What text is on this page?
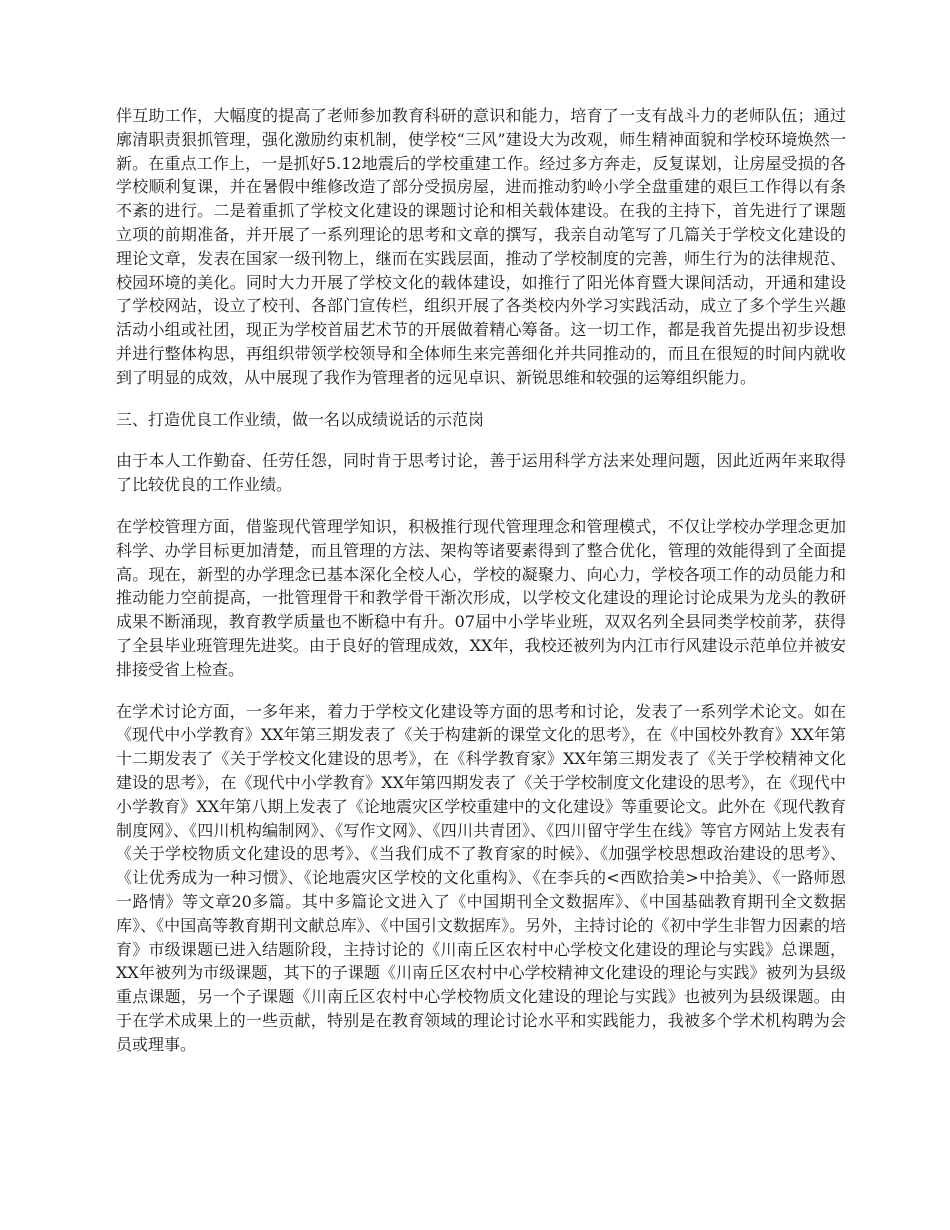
伴互助工作，大幅度的提高了老师参加教育科研的意识和能力，培育了一支有战斗力的老师队伍；通过廓清职责狠抓管理，强化激励约束机制，使学校“三风”建设大为改观，师生精神面貌和学校环境焕然一新。在重点工作上，一是抓好5.12地震后的学校重建工作。经过多方奔走，反复谋划，让房屋受损的各学校顺利复课，并在暑假中维修改造了部分受损房屋，进而推动豹岭小学全盘重建的艰巨工作得以有条不紊的进行。二是着重抓了学校文化建设的课题讨论和相关载体建设。在我的主持下，首先进行了课题立项的前期准备，并开展了一系列理论的思考和文章的撰写，我亲自动笔写了几篇关于学校文化建设的理论文章，发表在国家一级刊物上，继而在实践层面，推动了学校制度的完善，师生行为的法律规范、校园环境的美化。同时大力开展了学校文化的载体建设，如推行了阳光体育暨大课间活动，开通和建设了学校网站，设立了校刊、各部门宣传栏，组织开展了各类校内外学习实践活动，成立了多个学生兴趣活动小组或社团，现正为学校首届艺术节的开展做着精心筹备。这一切工作，都是我首先提出初步设想并进行整体构思，再组织带领学校领导和全体师生来完善细化并共同推动的，而且在很短的时间内就收到了明显的成效，从中展现了我作为管理者的远见卓识、新锐思维和较强的运筹组织能力。

三、打造优良工作业绩，做一名以成绩说话的示范岗

由于本人工作勤奋、任劳任怨，同时肯于思考讨论，善于运用科学方法来处理问题，因此近两年来取得了比较优良的工作业绩。

在学校管理方面，借鉴现代管理学知识，积极推行现代管理理念和管理模式，不仅让学校办学理念更加科学、办学目标更加清楚，而且管理的方法、架构等诸要素得到了整合优化，管理的效能得到了全面提高。现在，新型的办学理念已基本深化全校人心，学校的凝聚力、向心力，学校各项工作的动员能力和推动能力空前提高，一批管理骨干和教学骨干渐次形成，以学校文化建设的理论讨论成果为龙头的教研成果不断涌现，教育教学质量也不断稳中有升。07届中小学毕业班，双双名列全县同类学校前茅，获得了全县毕业班管理先进奖。由于良好的管理成效，XX年，我校还被列为内江市行风建设示范单位并被安排接受省上检查。

在学术讨论方面，一多年来，着力于学校文化建设等方面的思考和讨论，发表了一系列学术论文。如在《现代中小学教育》XX年第三期发表了《关于构建新的课堂文化的思考》，在《中国校外教育》XX年第十二期发表了《关于学校文化建设的思考》，在《科学教育家》XX年第三期发表了《关于学校精神文化建设的思考》，在《现代中小学教育》XX年第四期发表了《关于学校制度文化建设的思考》，在《现代中小学教育》XX年第八期上发表了《论地震灾区学校重建中的文化建设》等重要论文。此外在《现代教育制度网》、《四川机构编制网》、《写作文网》、《四川共青团》、《四川留守学生在线》等官方网站上发表有《关于学校物质文化建设的思考》、《当我们成不了教育家的时候》、《加强学校思想政治建设的思考》、《让优秀成为一种习惯》、《论地震灾区学校的文化重构》、《在李兵的<西欧拾美>中拾美》、《一路师恩一路情》等文章20多篇。其中多篇论文进入了《中国期刊全文数据库》、《中国基础教育期刊全文数据库》、《中国高等教育期刊文献总库》、《中国引文数据库》。另外，主持讨论的《初中学生非智力因素的培育》市级课题已进入结题阶段，主持讨论的《川南丘区农村中心学校文化建设的理论与实践》总课题，XX年被列为市级课题，其下的子课题《川南丘区农村中心学校精神文化建设的理论与实践》被列为县级重点课题，另一个子课题《川南丘区农村中心学校物质文化建设的理论与实践》也被列为县级课题。由于在学术成果上的一些贡献，特别是在教育领域的理论讨论水平和实践能力，我被多个学术机构聘为会员或理事。
